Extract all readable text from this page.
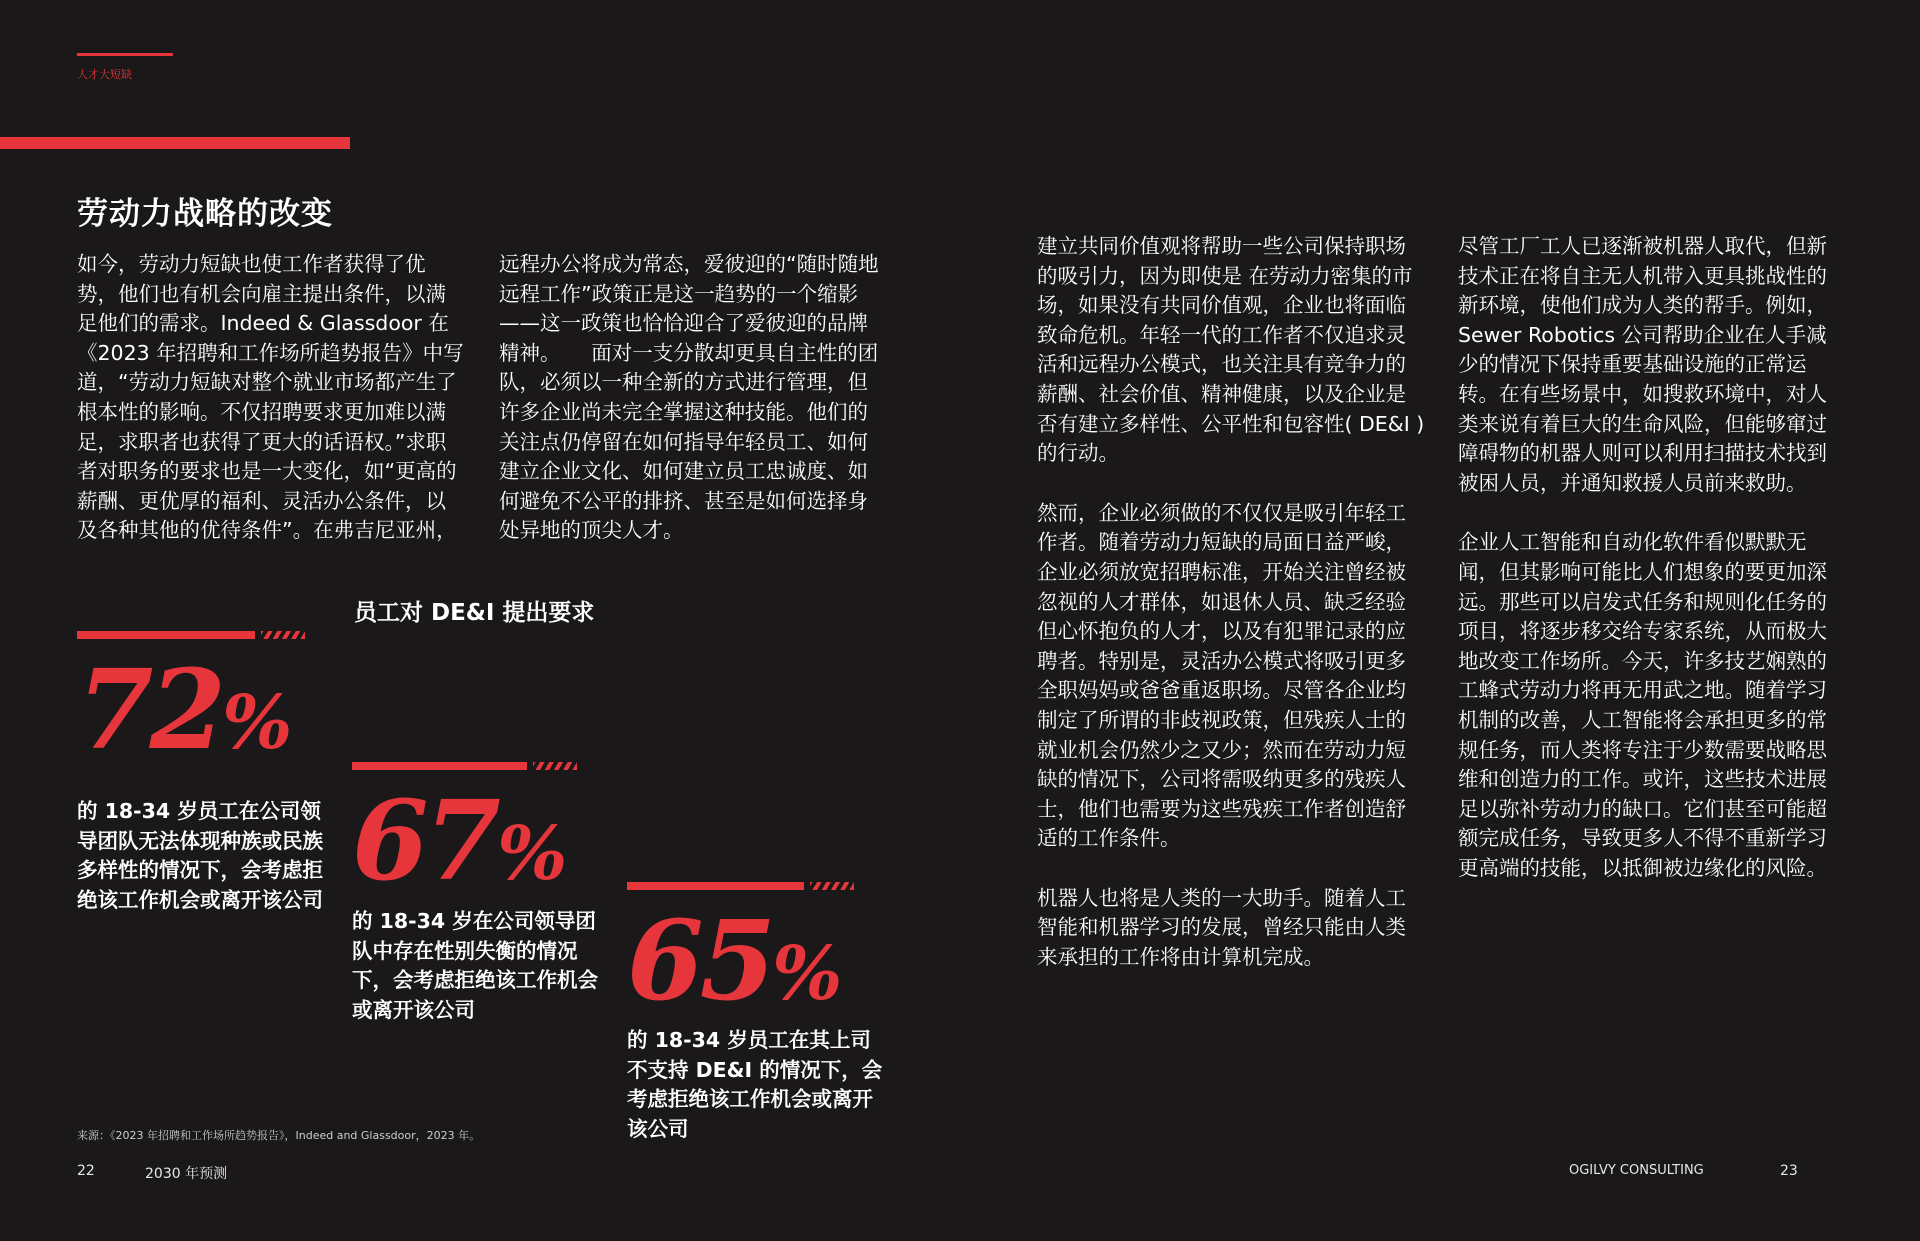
人才大短缺
劳动力战略的改变
如今，劳动力短缺也使工作者获得了优势，他们也有机会向雇主提出条件，以满足他们的需求。Indeed & Glassdoor 在《2023 年招聘和工作场所趋势报告》中写道，“劳动力短缺对整个就业市场都产生了根本性的影响。不仅招聘要求更加难以满足，求职者也获得了更大的话语权。”求职者对职务的要求也是一大变化，如“更高的薪酬、更优厚的福利、灵活办公条件，以及各种其他的优待条件”。在弗吉尼亚州，
远程办公将成为常态，爱彼迎的“随时随地远程工作”政策正是这一趋势的一个缩影——这一政策也恰恰迎合了爱彼迎的品牌精神。　　面对一支分散却更具自主性的团队，必须以一种全新的方式进行管理，但许多企业尚未完全掌握这种技能。他们的关注点仍停留在如何指导年轻员工、如何建立企业文化、如何建立员工忠诚度、如何避免不公平的排挤、甚至是如何选择身处异地的顶尖人才。
员工对 DE&I 提出要求
72%
的 18-34 岁员工在公司领导团队无法体现种族或民族多样性的情况下，会考虑拒绝该工作机会或离开该公司 67%
的 18-34 岁在公司领导团队中存在性别失衡的情况下，会考虑拒绝该工作机会或离开该公司	65%
的 18-34 岁员工在其上司不支持 DE&I 的情况下，会考虑拒绝该工作机会或离开该公司
来源：《2023 年招聘和工作场所趋势报告》，Indeed and Glassdoor，2023 年。
22	2030 年预测	OGILVY CONSULTING	23

建立共同价值观将帮助一些公司保持职场的吸引力，因为即使是 在劳动力密集的市场，如果没有共同价值观，企业也将面临致命危机。年轻一代的工作者不仅追求灵活和远程办公模式，也关注具有竞争力的薪酬、社会价值、精神健康，以及企业是否有建立多样性、公平性和包容性( DE&I )的行动。

然而，企业必须做的不仅仅是吸引年轻工作者。随着劳动力短缺的局面日益严峻，企业必须放宽招聘标准，开始关注曾经被忽视的人才群体，如退休人员、缺乏经验但心怀抱负的人才，以及有犯罪记录的应聘者。特别是，灵活办公模式将吸引更多全职妈妈或爸爸重返职场。尽管各企业均制定了所谓的非歧视政策，但残疾人士的就业机会仍然少之又少；然而在劳动力短缺的情况下，公司将需吸纳更多的残疾人士，他们也需要为这些残疾工作者创造舒适的工作条件。

机器人也将是人类的一大助手。随着人工智能和机器学习的发展，曾经只能由人类来承担的工作将由计算机完成。

尽管工厂工人已逐渐被机器人取代，但新技术正在将自主无人机带入更具挑战性的新环境，使他们成为人类的帮手。例如，Sewer Robotics 公司帮助企业在人手减少的情况下保持重要基础设施的正常运转。在有些场景中，如搜救环境中，对人类来说有着巨大的生命风险，但能够窜过障碍物的机器人则可以利用扫描技术找到被困人员，并通知救援人员前来救助。

企业人工智能和自动化软件看似默默无闻，但其影响可能比人们想象的要更加深远。那些可以启发式任务和规则化任务的项目，将逐步移交给专家系统，从而极大地改变工作场所。今天，许多技艺娴熟的工蜂式劳动力将再无用武之地。随着学习机制的改善，人工智能将会承担更多的常规任务，而人类将专注于少数需要战略思维和创造力的工作。或许，这些技术进展足以弥补劳动力的缺口。它们甚至可能超额完成任务，导致更多人不得不重新学习更高端的技能，以抵御被边缘化的风险。
